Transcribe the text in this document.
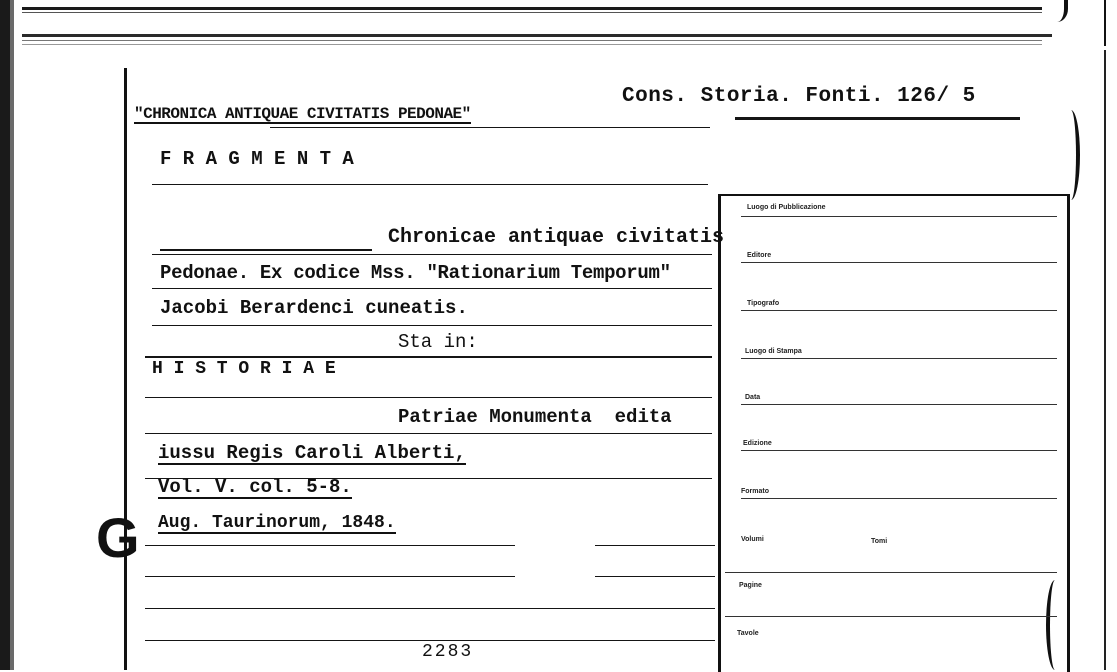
Cons. Storia. Fonti. 126/ 5
"CHRONICA ANTIQUAE CIVITATIS PEDONAE"
F R A G M E N T A
Chronicae antiquae civitatis
Pedonae. Ex codice Mss. "Rationarium Temporum"
Jacobi Berardenci cuneatis.
Sta in:
H I S T O R I A E
Patriae Monumenta  edita
iussu Regis Caroli Alberti,
Vol. V. col. 5-8.
Aug. Taurinorum, 1848.
G
2283
Luogo di Pubblicazione
Editore
Tipografo
Luogo di Stampa
Data
Edizione
Formato
Volumi	Tomi
Pagine
Tavole
